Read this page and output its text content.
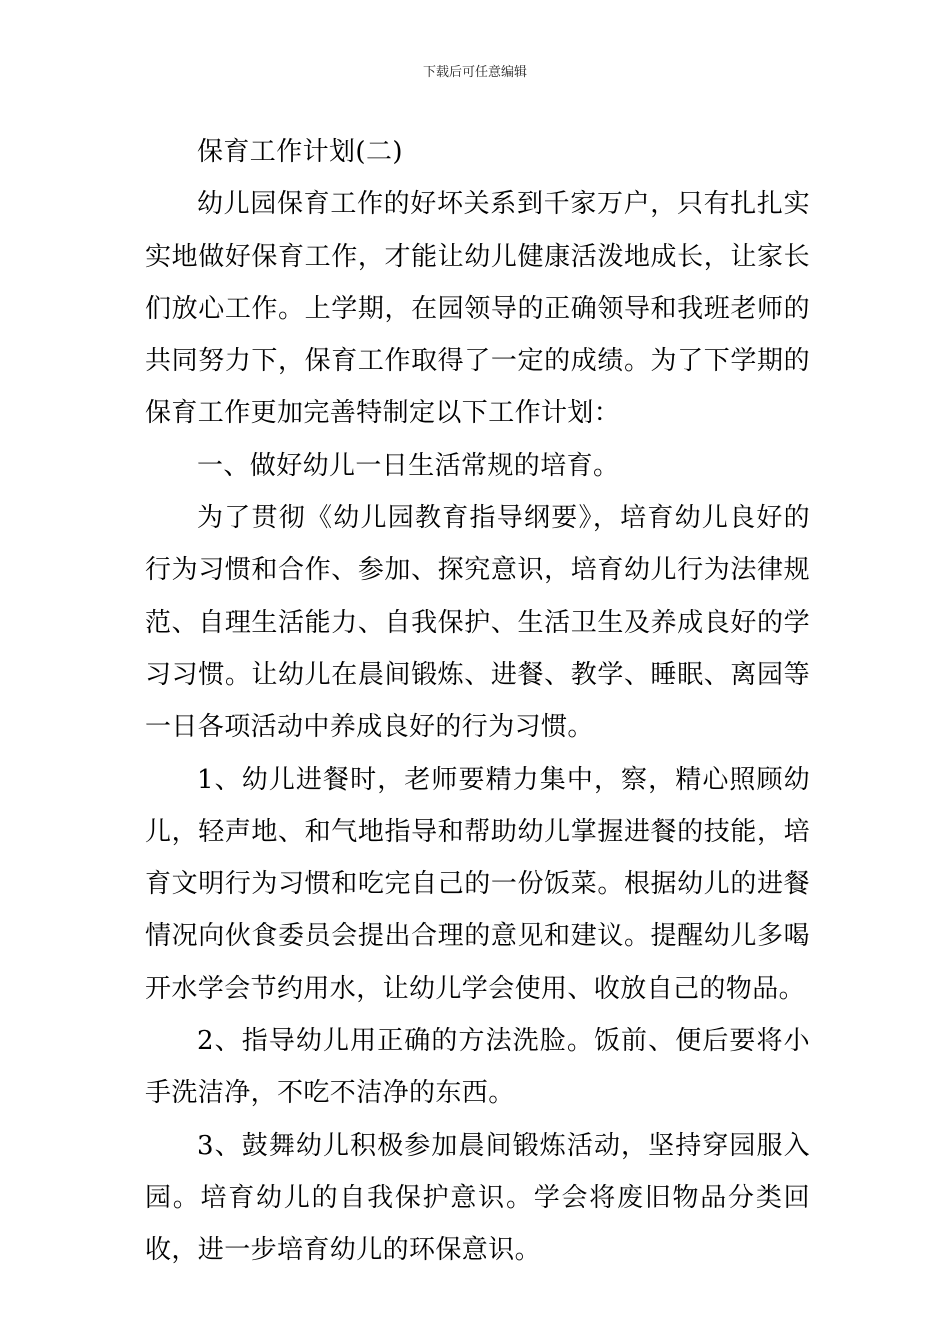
下载后可任意编辑

保育工作计划(二)

幼儿园保育工作的好坏关系到千家万户，只有扎扎实实地做好保育工作，才能让幼儿健康活泼地成长，让家长们放心工作。上学期，在园领导的正确领导和我班老师的共同努力下，保育工作取得了一定的成绩。为了下学期的保育工作更加完善特制定以下工作计划：

一、做好幼儿一日生活常规的培育。

为了贯彻《幼儿园教育指导纲要》，培育幼儿良好的行为习惯和合作、参加、探究意识，培育幼儿行为法律规范、自理生活能力、自我保护、生活卫生及养成良好的学习习惯。让幼儿在晨间锻炼、进餐、教学、睡眠、离园等一日各项活动中养成良好的行为习惯。

1、幼儿进餐时，老师要精力集中，察，精心照顾幼儿，轻声地、和气地指导和帮助幼儿掌握进餐的技能，培育文明行为习惯和吃完自己的一份饭菜。根据幼儿的进餐情况向伙食委员会提出合理的意见和建议。提醒幼儿多喝开水学会节约用水，让幼儿学会使用、收放自己的物品。

2、指导幼儿用正确的方法洗脸。饭前、便后要将小手洗洁净，不吃不洁净的东西。

3、鼓舞幼儿积极参加晨间锻炼活动，坚持穿园服入园。培育幼儿的自我保护意识。学会将废旧物品分类回收，进一步培育幼儿的环保意识。
